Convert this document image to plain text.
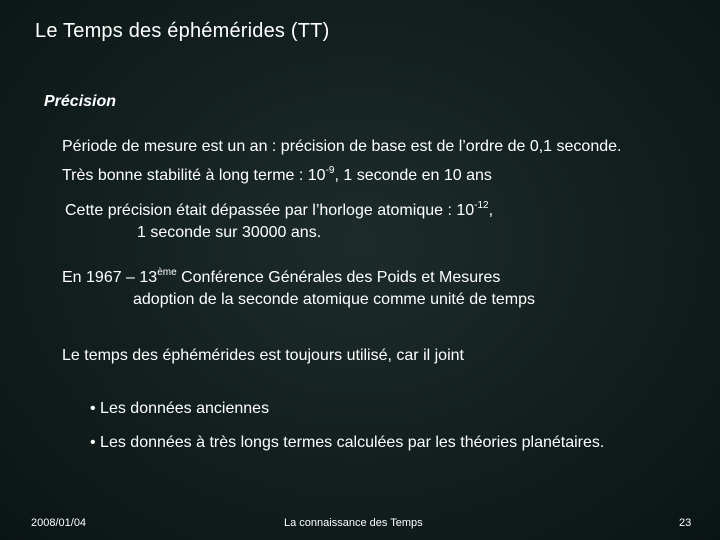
Le Temps des éphémérides (TT)
Précision
Période de mesure est un an : précision de base est de l’ordre de 0,1 seconde.
Très bonne stabilité à long terme : $10^{-9}$, 1 seconde en 10 ans
Cette précision était dépassée par l’horloge atomique : $10^{-12}$,
1 seconde sur 30000 ans.
En 1967 – 13ème Conférence Générales des Poids et Mesures
adoption de la seconde atomique comme unité de temps
Le temps des éphémérides est toujours utilisé, car il joint
• Les données anciennes
• Les données à très longs termes calculées par les théories planétaires.
2008/01/04	La connaissance des Temps	23
